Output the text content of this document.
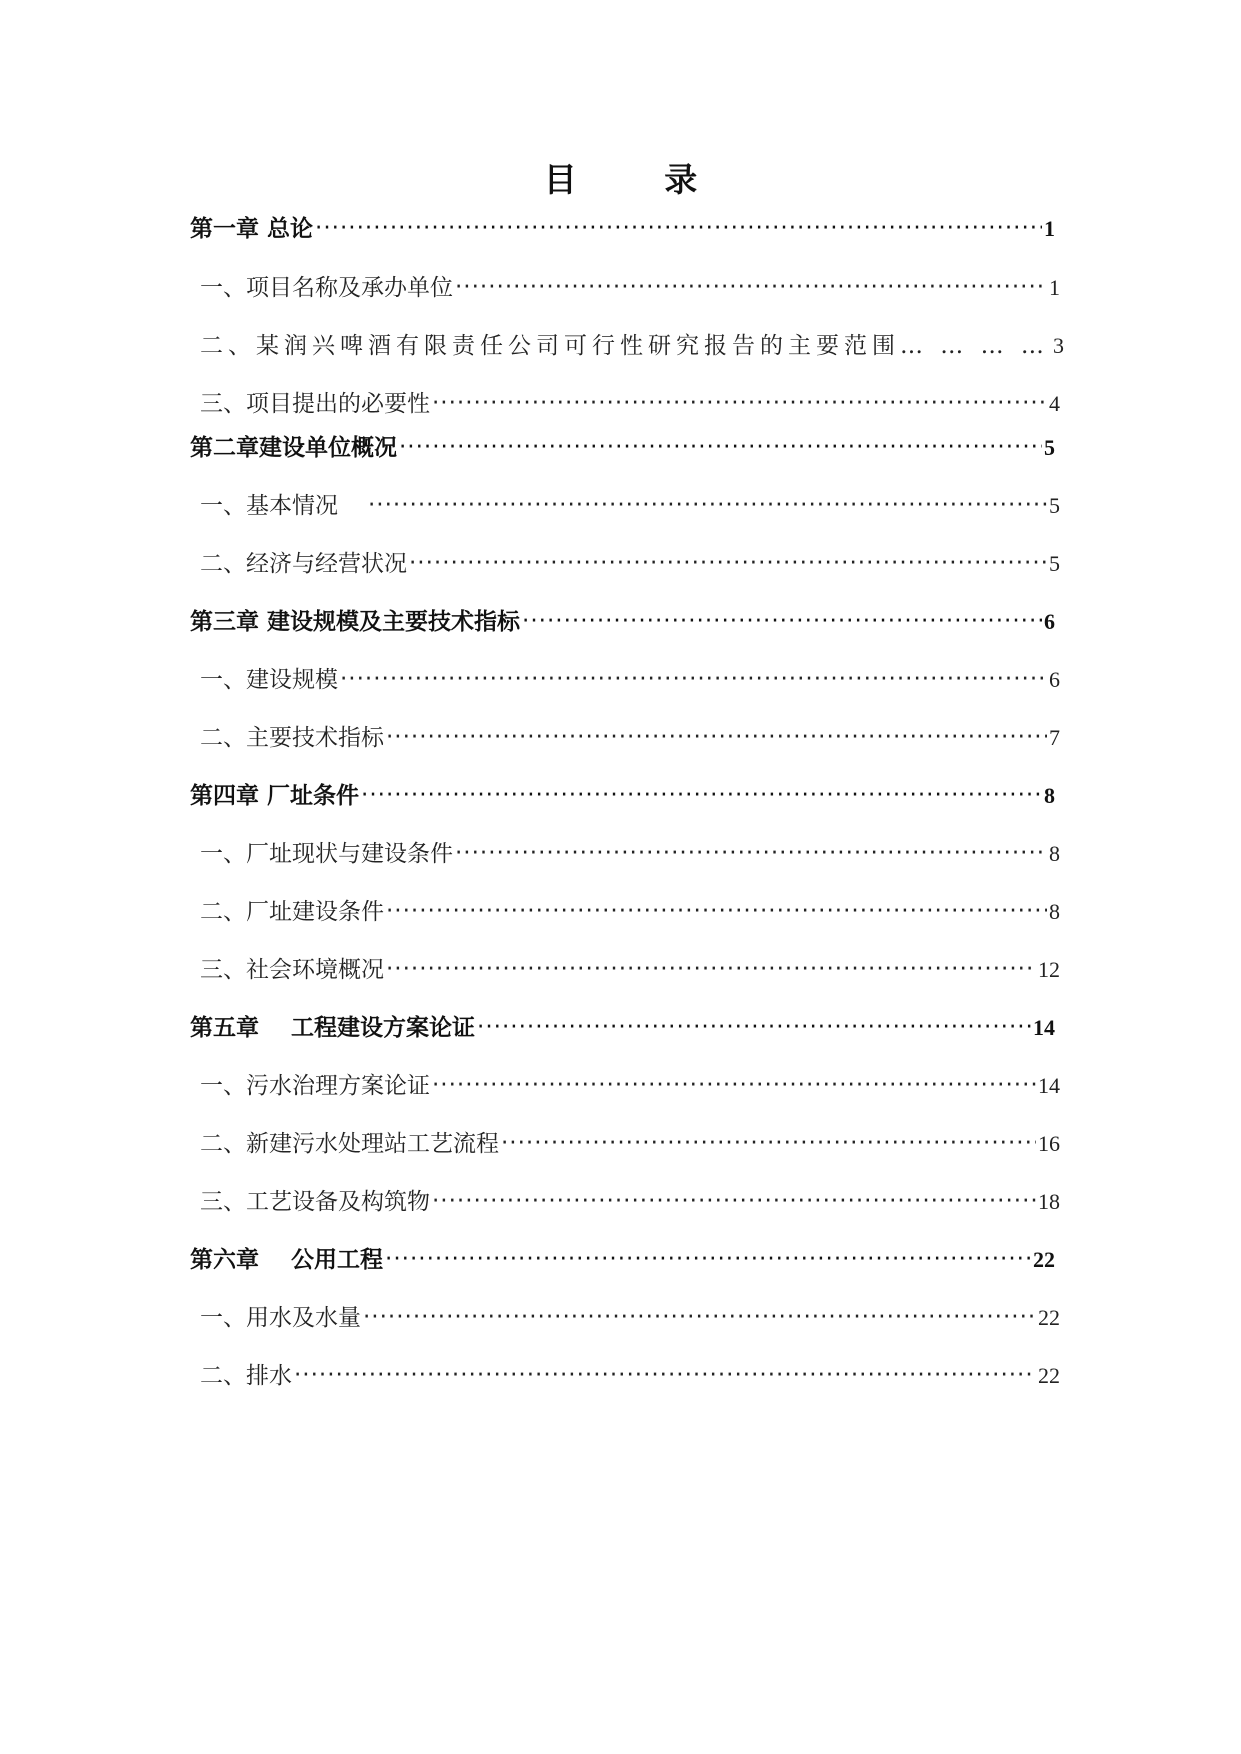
目 录
第一章 总论 ·····	1
一、项目名称及承办单位 ·····	1
二、某润兴啤酒有限责任公司可行性研究报告的主要范围… … … … 3
三、项目提出的必要性 ·····	4
第二章建设单位概况 ·····	5
一、基本情况 ·····	5
二、经济与经营状况 ·····	5
第三章 建设规模及主要技术指标 ·····	6
一、建设规模 ·····	6
二、主要技术指标 ·····	7
第四章 厂址条件 ·····	8
一、厂址现状与建设条件 ·····	8
二、厂址建设条件 ·····	8
三、社会环境概况 ·····	12
第五章    工程建设方案论证 ·····	14
一、污水治理方案论证 ·····	14
二、新建污水处理站工艺流程 ·····	16
三、工艺设备及构筑物 ·····	18
第六章    公用工程 ·····	22
一、用水及水量 ·····	22
二、排水 ·····	22
